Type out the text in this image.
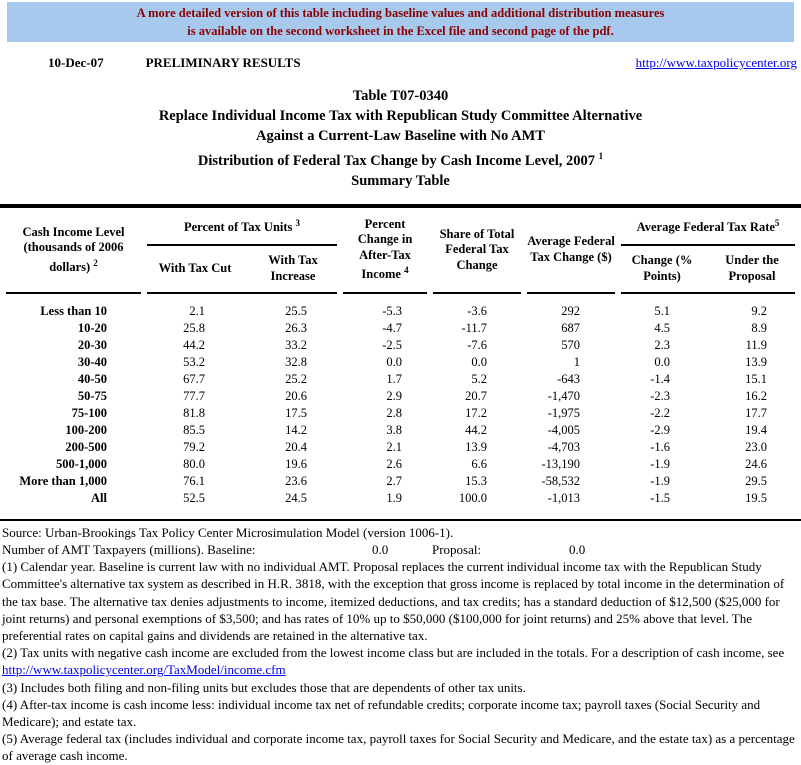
A more detailed version of this table including baseline values and additional distribution measures
is available on the second worksheet in the Excel file and second page of the pdf.
10-Dec-07	PRELIMINARY RESULTS	http://www.taxpolicycenter.org
Table T07-0340
Replace Individual Income Tax with Republican Study Committee Alternative
Against a Current-Law Baseline with No AMT
Distribution of Federal Tax Change by Cash Income Level, 2007 $^1$
Summary Table
Cash Income Level (thousands of 2006 dollars) $^2$	Percent of Tax Units $^3$		Percent Change in After-Tax Income $^4$	Share of Total Federal Tax Change	Average Federal Tax Change ($)	Average Federal Tax Rate$^5$
	With Tax Cut	With Tax Increase				Change (% Points)	Under the Proposal

Less than 10	2.1	25.5	-5.3	-3.6	292	5.1	9.2
10-20	25.8	26.3	-4.7	-11.7	687	4.5	8.9
20-30	44.2	33.2	-2.5	-7.6	570	2.3	11.9
30-40	53.2	32.8	0.0	0.0	1	0.0	13.9
40-50	67.7	25.2	1.7	5.2	-643	-1.4	15.1
50-75	77.7	20.6	2.9	20.7	-1,470	-2.3	16.2
75-100	81.8	17.5	2.8	17.2	-1,975	-2.2	17.7
100-200	85.5	14.2	3.8	44.2	-4,005	-2.9	19.4
200-500	79.2	20.4	2.1	13.9	-4,703	-1.6	23.0
500-1,000	80.0	19.6	2.6	6.6	-13,190	-1.9	24.6
More than 1,000	76.1	23.6	2.7	15.3	-58,532	-1.9	29.5
All	52.5	24.5	1.9	100.0	-1,013	-1.5	19.5
Source: Urban-Brookings Tax Policy Center Microsimulation Model (version 1006-1).
Number of AMT Taxpayers (millions). Baseline:	0.0	Proposal:	0.0
(1) Calendar year. Baseline is current law with no individual AMT. Proposal replaces the current individual income tax with the Republican Study Committee's alternative tax system as described in H.R. 3818, with the exception that gross income is replaced by total income in the determination of the tax base. The alternative tax denies adjustments to income, itemized deductions, and tax credits; has a standard deduction of $12,500 ($25,000 for joint returns) and personal exemptions of $3,500; and has rates of 10% up to $50,000 ($100,000 for joint returns) and 25% above that level. The preferential rates on capital gains and dividends are retained in the alternative tax.
(2) Tax units with negative cash income are excluded from the lowest income class but are included in the totals. For a description of cash income, see
http://www.taxpolicycenter.org/TaxModel/income.cfm
(3) Includes both filing and non-filing units but excludes those that are dependents of other tax units.
(4) After-tax income is cash income less: individual income tax net of refundable credits; corporate income tax; payroll taxes (Social Security and Medicare); and estate tax.
(5) Average federal tax (includes individual and corporate income tax, payroll taxes for Social Security and Medicare, and the estate tax) as a percentage of average cash income.
